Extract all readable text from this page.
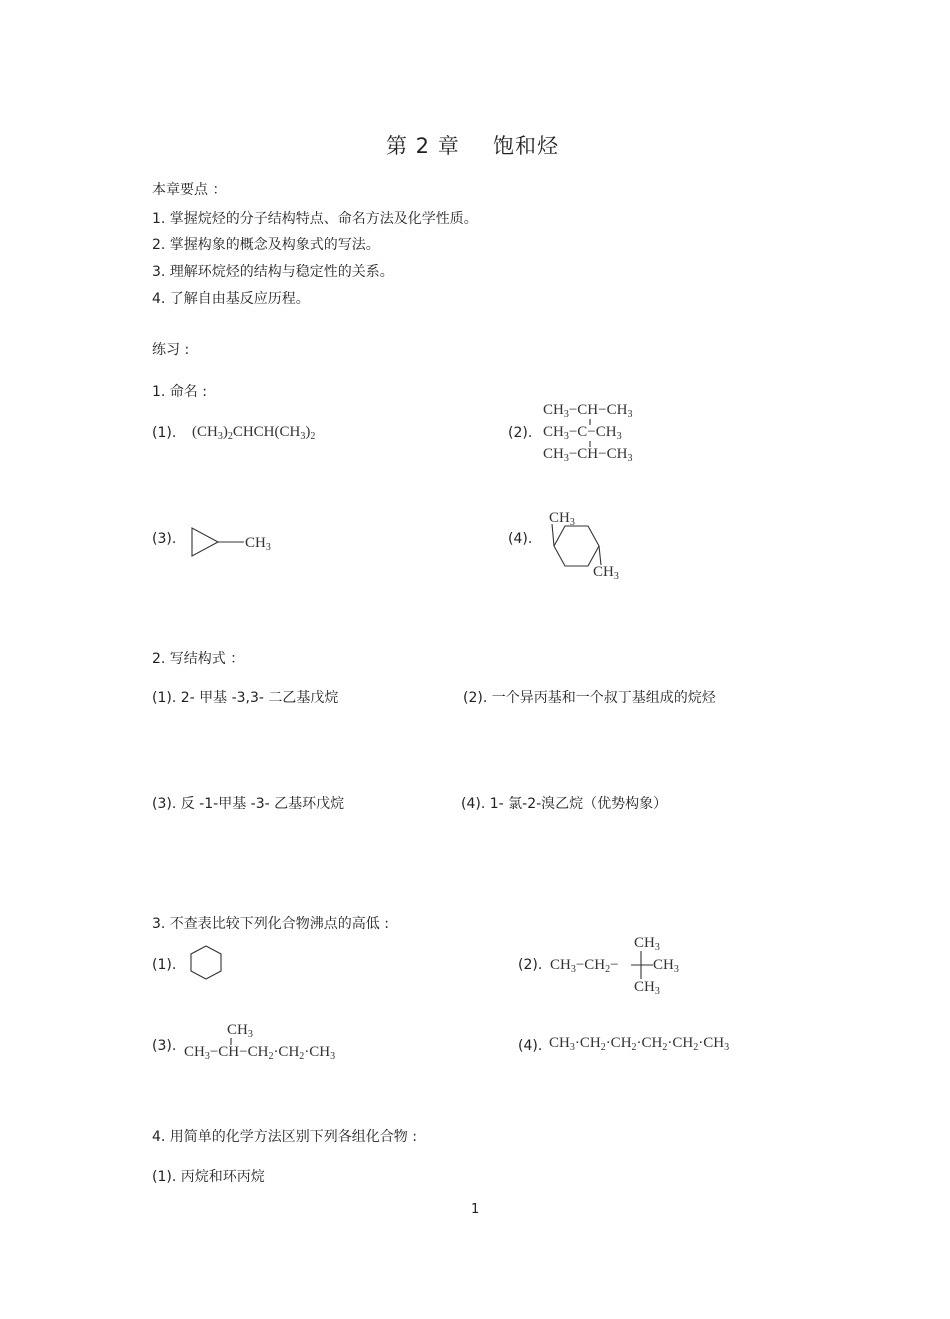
第 2 章 饱和烃
本章要点 ：
1. 掌握烷烃的分子结构特点、命名方法及化学性质。
2. 掌握构象的概念及构象式的写法。
3. 理解环烷烃的结构与稳定性的关系。
4. 了解自由基反应历程。
练习 :
1. 命名 :
(1). $(CH_3)_2CHCH(CH_3)_2$	(2).
$CH_3-CH-CH_3$
$CH_3-C-CH_3$
$CH_3-CH-CH_3$
(3).	$CH_3$
(4).
$CH_3$
$CH_3$
2. 写结构式 ：
(1). 2- 甲基 -3,3- 二乙基戊烷	(2). 一个异丙基和一个叔丁基组成的烷烃
(3). 反 -1-甲基 -3- 乙基环戊烷	(4). 1- 氯-2-溴乙烷（优势构象）
3. 不查表比较下列化合物沸点的高低 :
(1).	(2). $CH_3-CH_2-$
$CH_3$
$CH_3$
$CH_3$
(3).
$CH_3$
$CH_3-CH-CH_2\cdot CH_2\cdot CH_3$
(4). $CH_3\cdot CH_2\cdot CH_2\cdot CH_2\cdot CH_2\cdot CH_3$
4. 用简单的化学方法区别下列各组化合物 :
(1). 丙烷和环丙烷
1
